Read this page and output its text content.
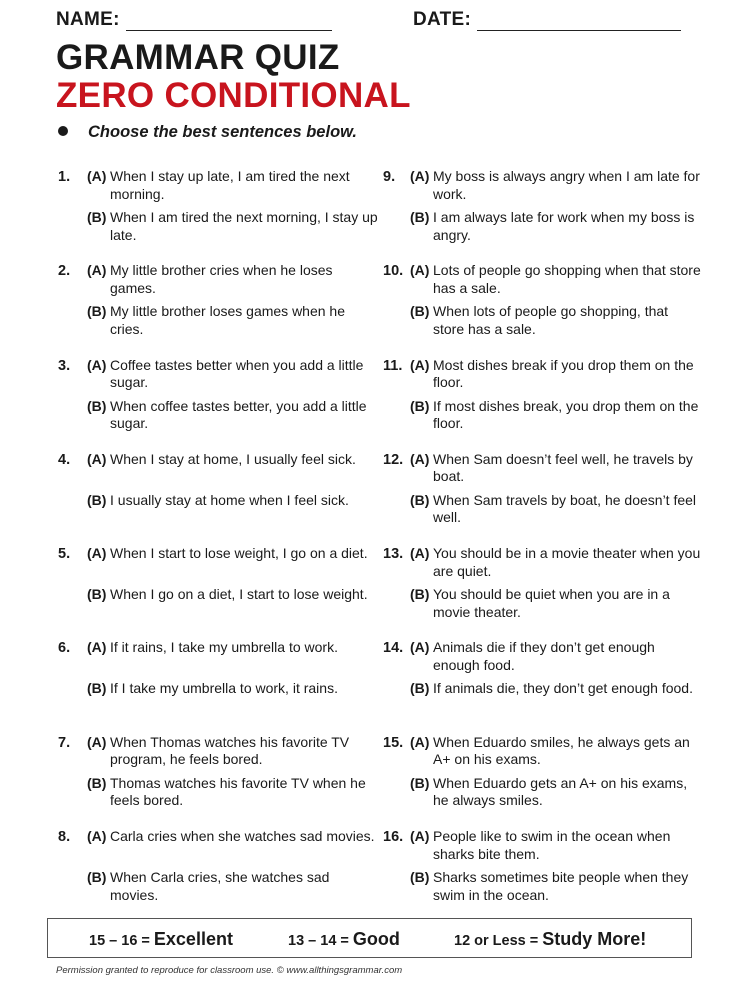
NAME:	DATE:
GRAMMAR QUIZ
ZERO CONDITIONAL
Choose the best sentences below.
1. (A) When I stay up late, I am tired the next morning.
(B) When I am tired the next morning, I stay up late.
2. (A) My little brother cries when he loses games.
(B) My little brother loses games when he cries.
3. (A) Coffee tastes better when you add a little sugar.
(B) When coffee tastes better, you add a little sugar.
4. (A) When I stay at home, I usually feel sick.
(B) I usually stay at home when I feel sick.
5. (A) When I start to lose weight, I go on a diet.
(B) When I go on a diet, I start to lose weight.
6. (A) If it rains, I take my umbrella to work.
(B) If I take my umbrella to work, it rains.
7. (A) When Thomas watches his favorite TV program, he feels bored.
(B) Thomas watches his favorite TV when he feels bored.
8. (A) Carla cries when she watches sad movies.
(B) When Carla cries, she watches sad movies.
9. (A) My boss is always angry when I am late for work.
(B) I am always late for work when my boss is angry.
10. (A) Lots of people go shopping when that store has a sale.
(B) When lots of people go shopping, that store has a sale.
11. (A) Most dishes break if you drop them on the floor.
(B) If most dishes break, you drop them on the floor.
12. (A) When Sam doesn’t feel well, he travels by boat.
(B) When Sam travels by boat, he doesn’t feel well.
13. (A) You should be in a movie theater when you are quiet.
(B) You should be quiet when you are in a movie theater.
14. (A) Animals die if they don’t get enough enough food.
(B) If animals die, they don’t get enough food.
15. (A) When Eduardo smiles, he always gets an A+ on his exams.
(B) When Eduardo gets an A+ on his exams, he always smiles.
16. (A) People like to swim in the ocean when sharks bite them.
(B) Sharks sometimes bite people when they swim in the ocean.
15 – 16 = Excellent	13 – 14 = Good	12 or Less = Study More!
Permission granted to reproduce for classroom use. © www.allthingsgrammar.com
